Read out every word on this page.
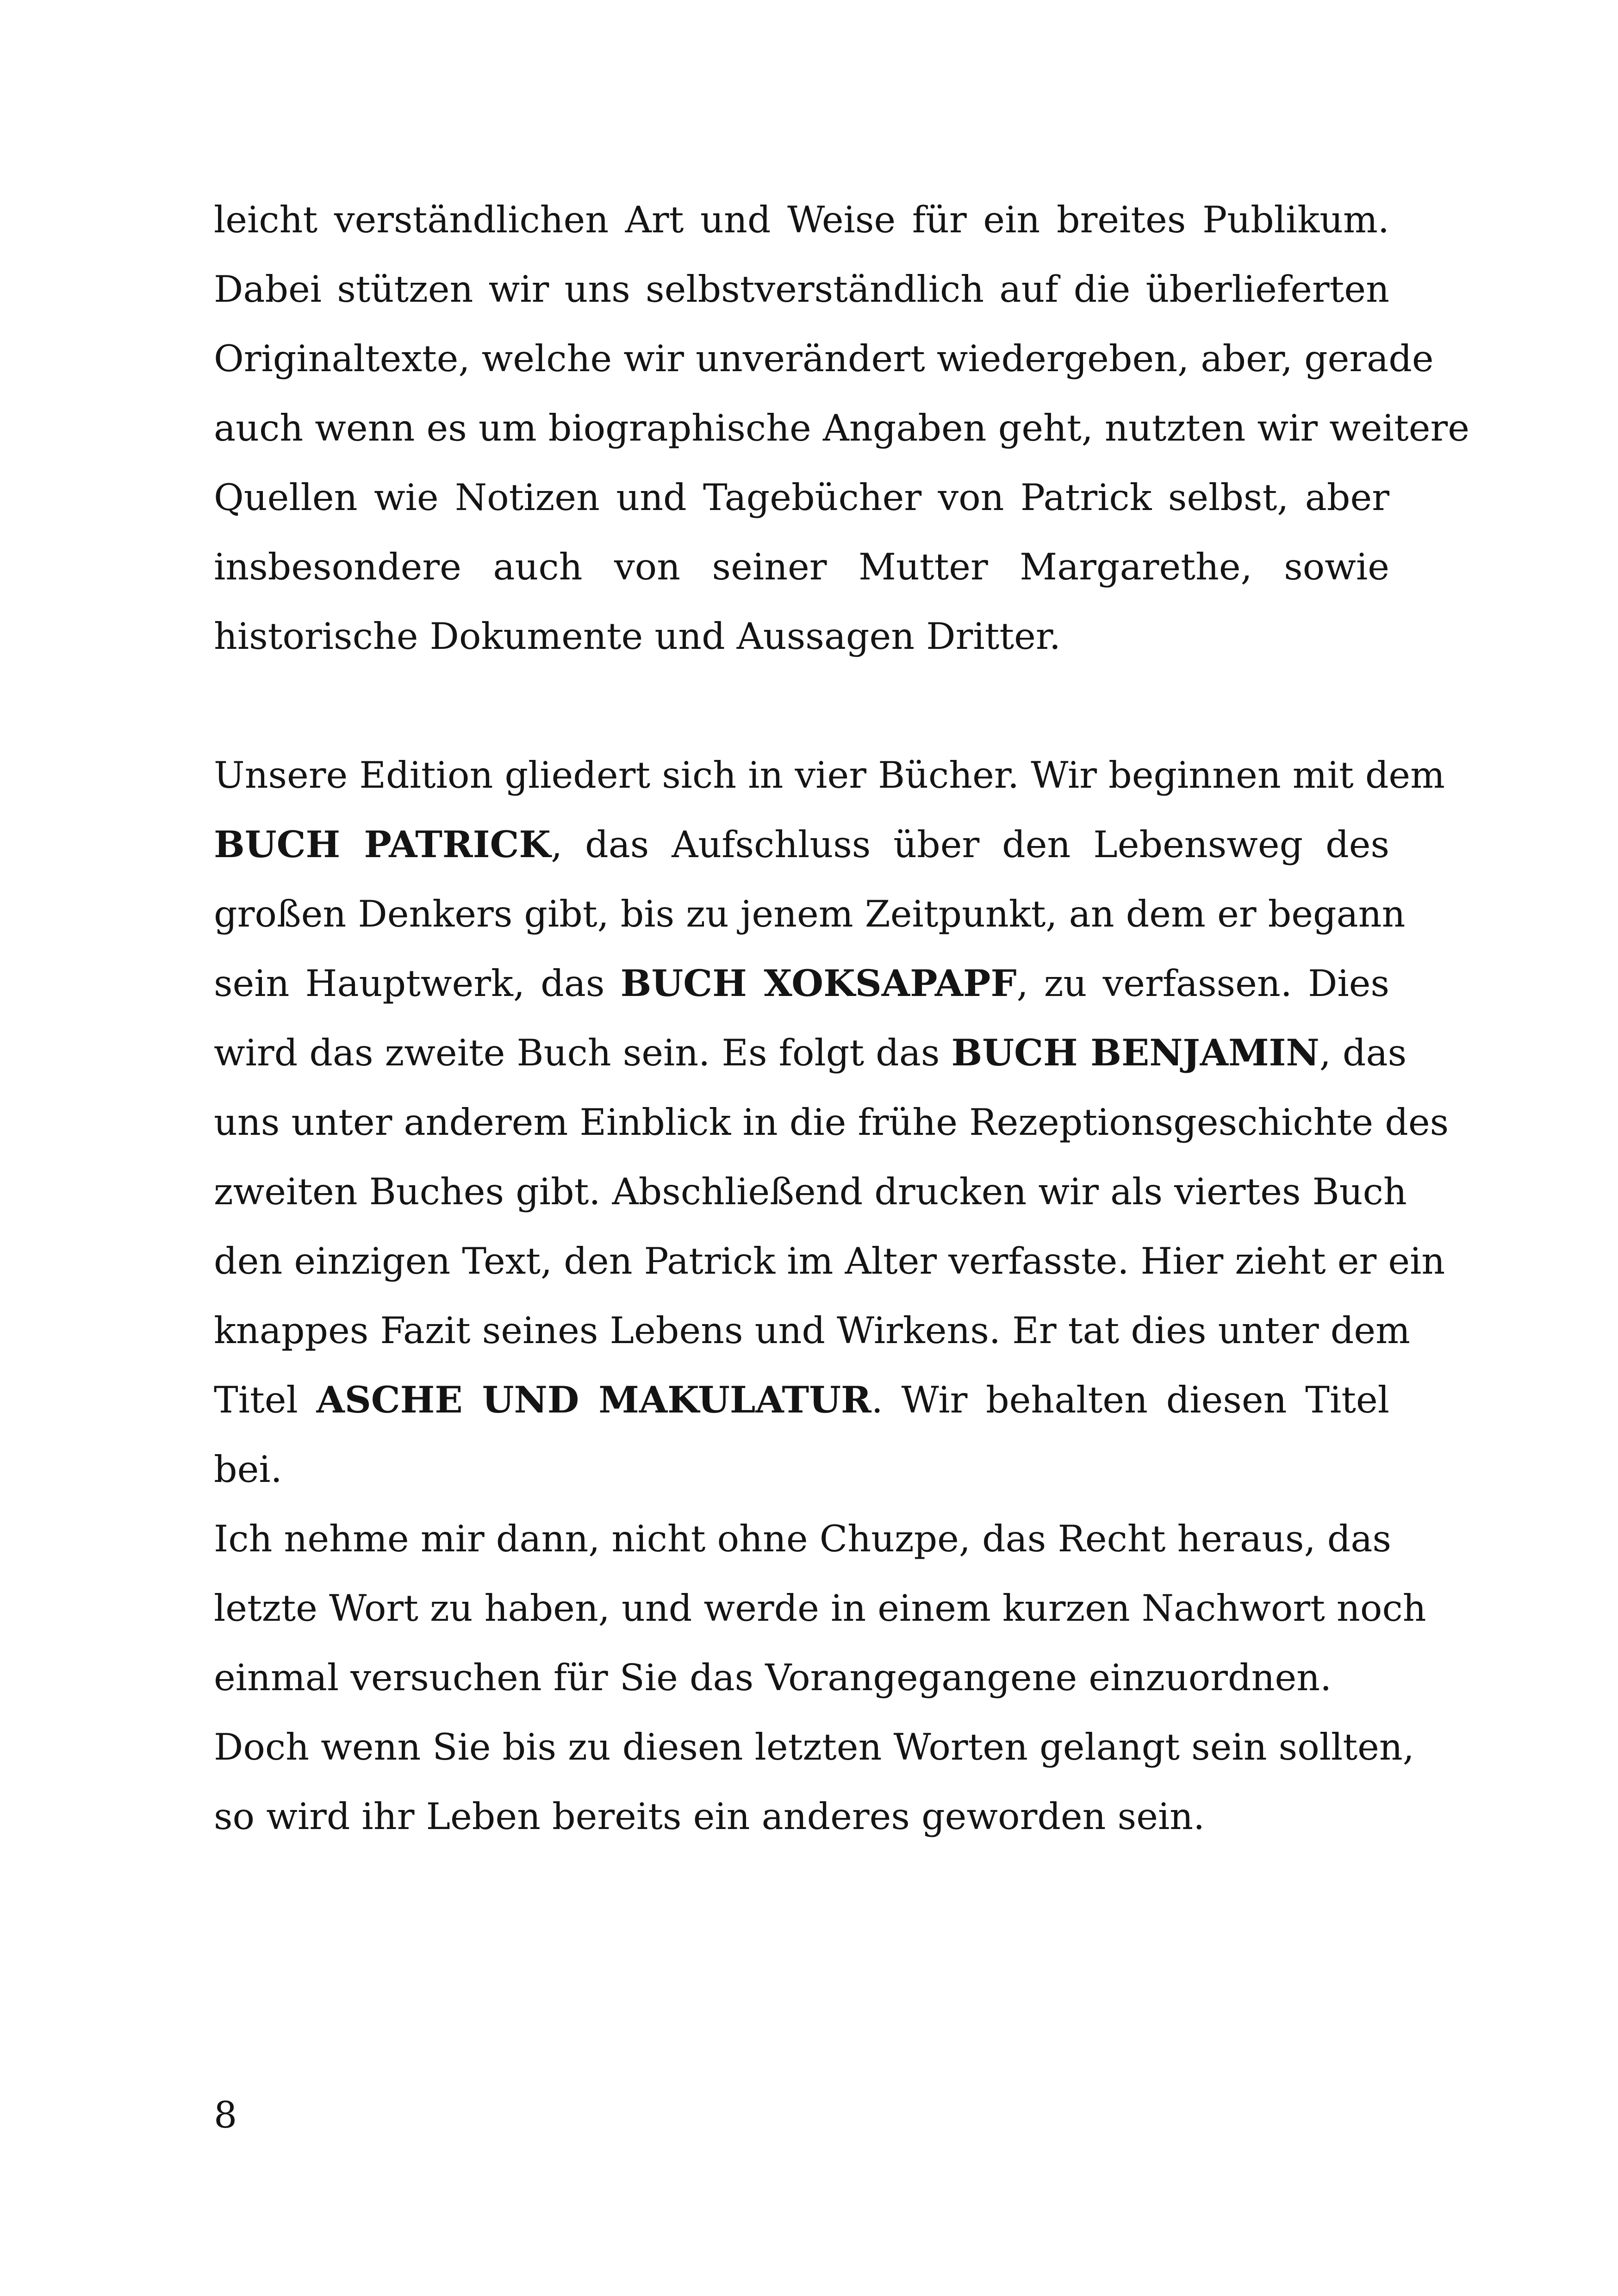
leicht verständlichen Art und Weise für ein breites Publikum.
Dabei stützen wir uns selbstverständlich auf die überlieferten
Originaltexte, welche wir unverändert wiedergeben, aber, gerade
auch wenn es um biographische Angaben geht, nutzten wir weitere
Quellen wie Notizen und Tagebücher von Patrick selbst, aber
insbesondere auch von seiner Mutter Margarethe, sowie
historische Dokumente und Aussagen Dritter.
Unsere Edition gliedert sich in vier Bücher. Wir beginnen mit dem
BUCH PATRICK, das Aufschluss über den Lebensweg des
großen Denkers gibt, bis zu jenem Zeitpunkt, an dem er begann
sein Hauptwerk, das BUCH XOKSAPAPF, zu verfassen. Dies
wird das zweite Buch sein. Es folgt das BUCH BENJAMIN, das
uns unter anderem Einblick in die frühe Rezeptionsgeschichte des
zweiten Buches gibt. Abschließend drucken wir als viertes Buch
den einzigen Text, den Patrick im Alter verfasste. Hier zieht er ein
knappes Fazit seines Lebens und Wirkens. Er tat dies unter dem
Titel ASCHE UND MAKULATUR. Wir behalten diesen Titel
bei.
Ich nehme mir dann, nicht ohne Chuzpe, das Recht heraus, das
letzte Wort zu haben, und werde in einem kurzen Nachwort noch
einmal versuchen für Sie das Vorangegangene einzuordnen.
Doch wenn Sie bis zu diesen letzten Worten gelangt sein sollten,
so wird ihr Leben bereits ein anderes geworden sein.
8
